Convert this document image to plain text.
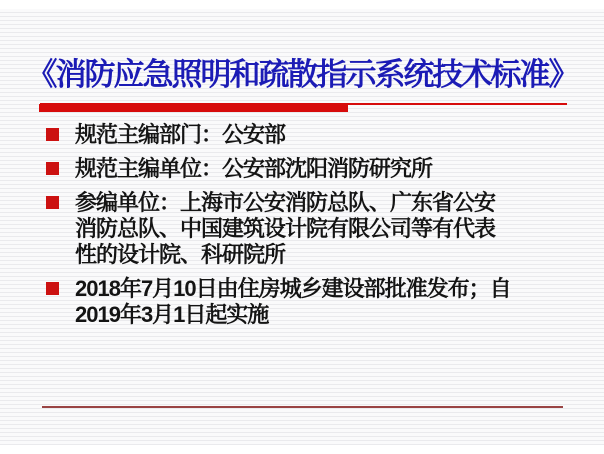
《消防应急照明和疏散指示系统技术标准》
规范主编部门：公安部
规范主编单位：公安部沈阳消防研究所
参编单位：上海市公安消防总队、广东省公安
消防总队、中国建筑设计院有限公司等有代表
性的设计院、科研院所
2018年7月10日由住房城乡建设部批准发布；自
2019年3月1日起实施
